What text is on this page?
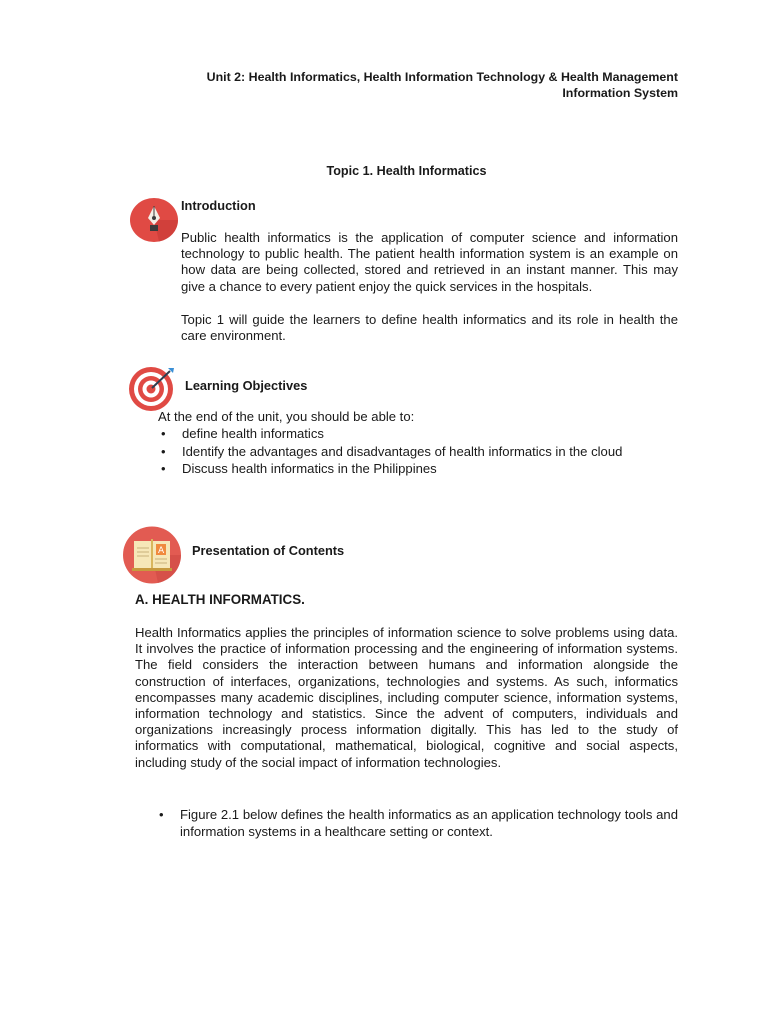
Unit 2: Health Informatics, Health Information Technology & Health Management
Information System
Topic 1. Health Informatics
Introduction
Public health informatics is the application of computer science and information technology to public health. The patient health information system is an example on how data are being collected, stored and retrieved in an instant manner. This may give a chance to every patient enjoy the quick services in the hospitals.
Topic 1 will guide the learners to define health informatics and its role in health the care environment.
Learning Objectives
At the end of the unit, you should be able to:
• define health informatics
• Identify the advantages and disadvantages of health informatics in the cloud
• Discuss health informatics in the Philippines
A Presentation of Contents
A. HEALTH INFORMATICS.
Health Informatics applies the principles of information science to solve problems using data. It involves the practice of information processing and the engineering of information systems. The field considers the interaction between humans and information alongside the construction of interfaces, organizations, technologies and systems. As such, informatics encompasses many academic disciplines, including computer science, information systems, information technology and statistics. Since the advent of computers, individuals and organizations increasingly process information digitally. This has led to the study of informatics with computational, mathematical, biological, cognitive and social aspects, including study of the social impact of information technologies.
• Figure 2.1 below defines the health informatics as an application technology tools and information systems in a healthcare setting or context.
